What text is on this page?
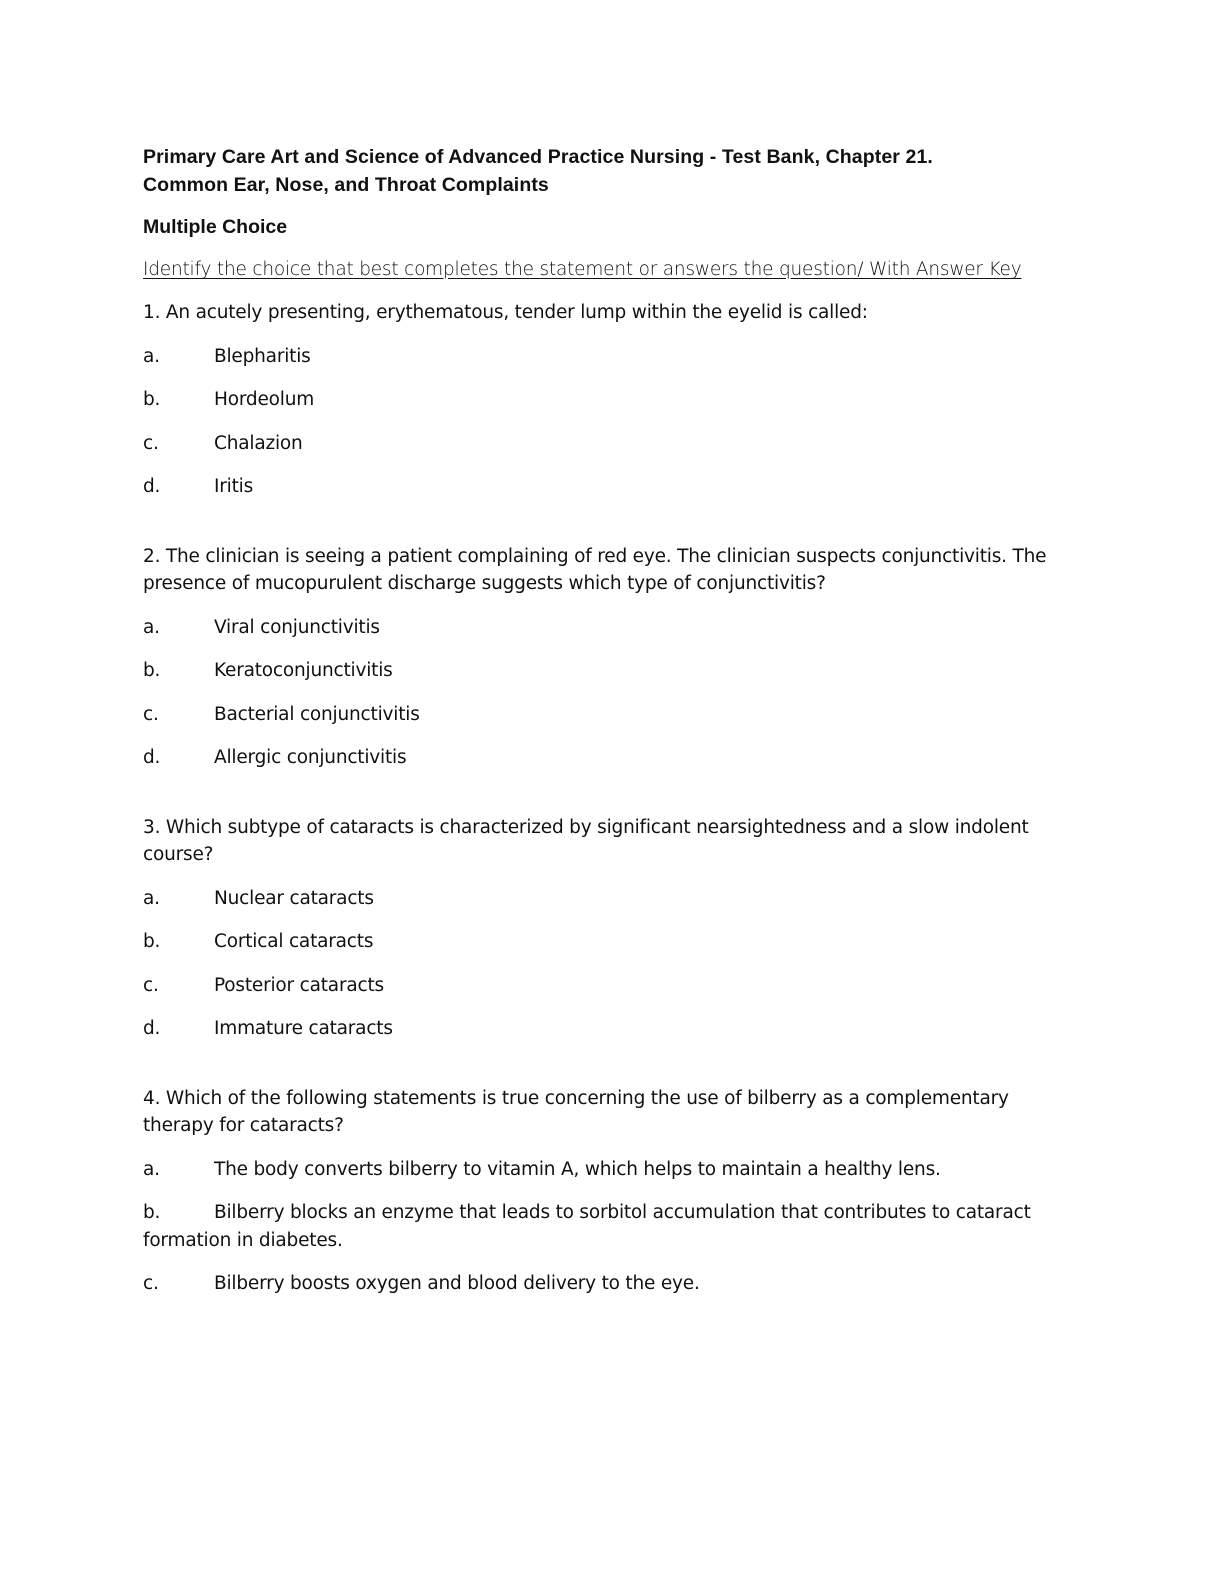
Primary Care Art and Science of Advanced Practice Nursing - Test Bank, Chapter 21.
Common Ear, Nose, and Throat Complaints
Multiple Choice
Identify the choice that best completes the statement or answers the question/ With Answer Key
1. An acutely presenting, erythematous, tender lump within the eyelid is called:
a.	Blepharitis
b.	Hordeolum
c.	Chalazion
d.	Iritis
2. The clinician is seeing a patient complaining of red eye. The clinician suspects conjunctivitis. The presence of mucopurulent discharge suggests which type of conjunctivitis?
a.	Viral conjunctivitis
b.	Keratoconjunctivitis
c.	Bacterial conjunctivitis
d.	Allergic conjunctivitis
3. Which subtype of cataracts is characterized by significant nearsightedness and a slow indolent course?
a.	Nuclear cataracts
b.	Cortical cataracts
c.	Posterior cataracts
d.	Immature cataracts
4. Which of the following statements is true concerning the use of bilberry as a complementary therapy for cataracts?
a.	The body converts bilberry to vitamin A, which helps to maintain a healthy lens.
b.	Bilberry blocks an enzyme that leads to sorbitol accumulation that contributes to cataract formation in diabetes.
c.	Bilberry boosts oxygen and blood delivery to the eye.
